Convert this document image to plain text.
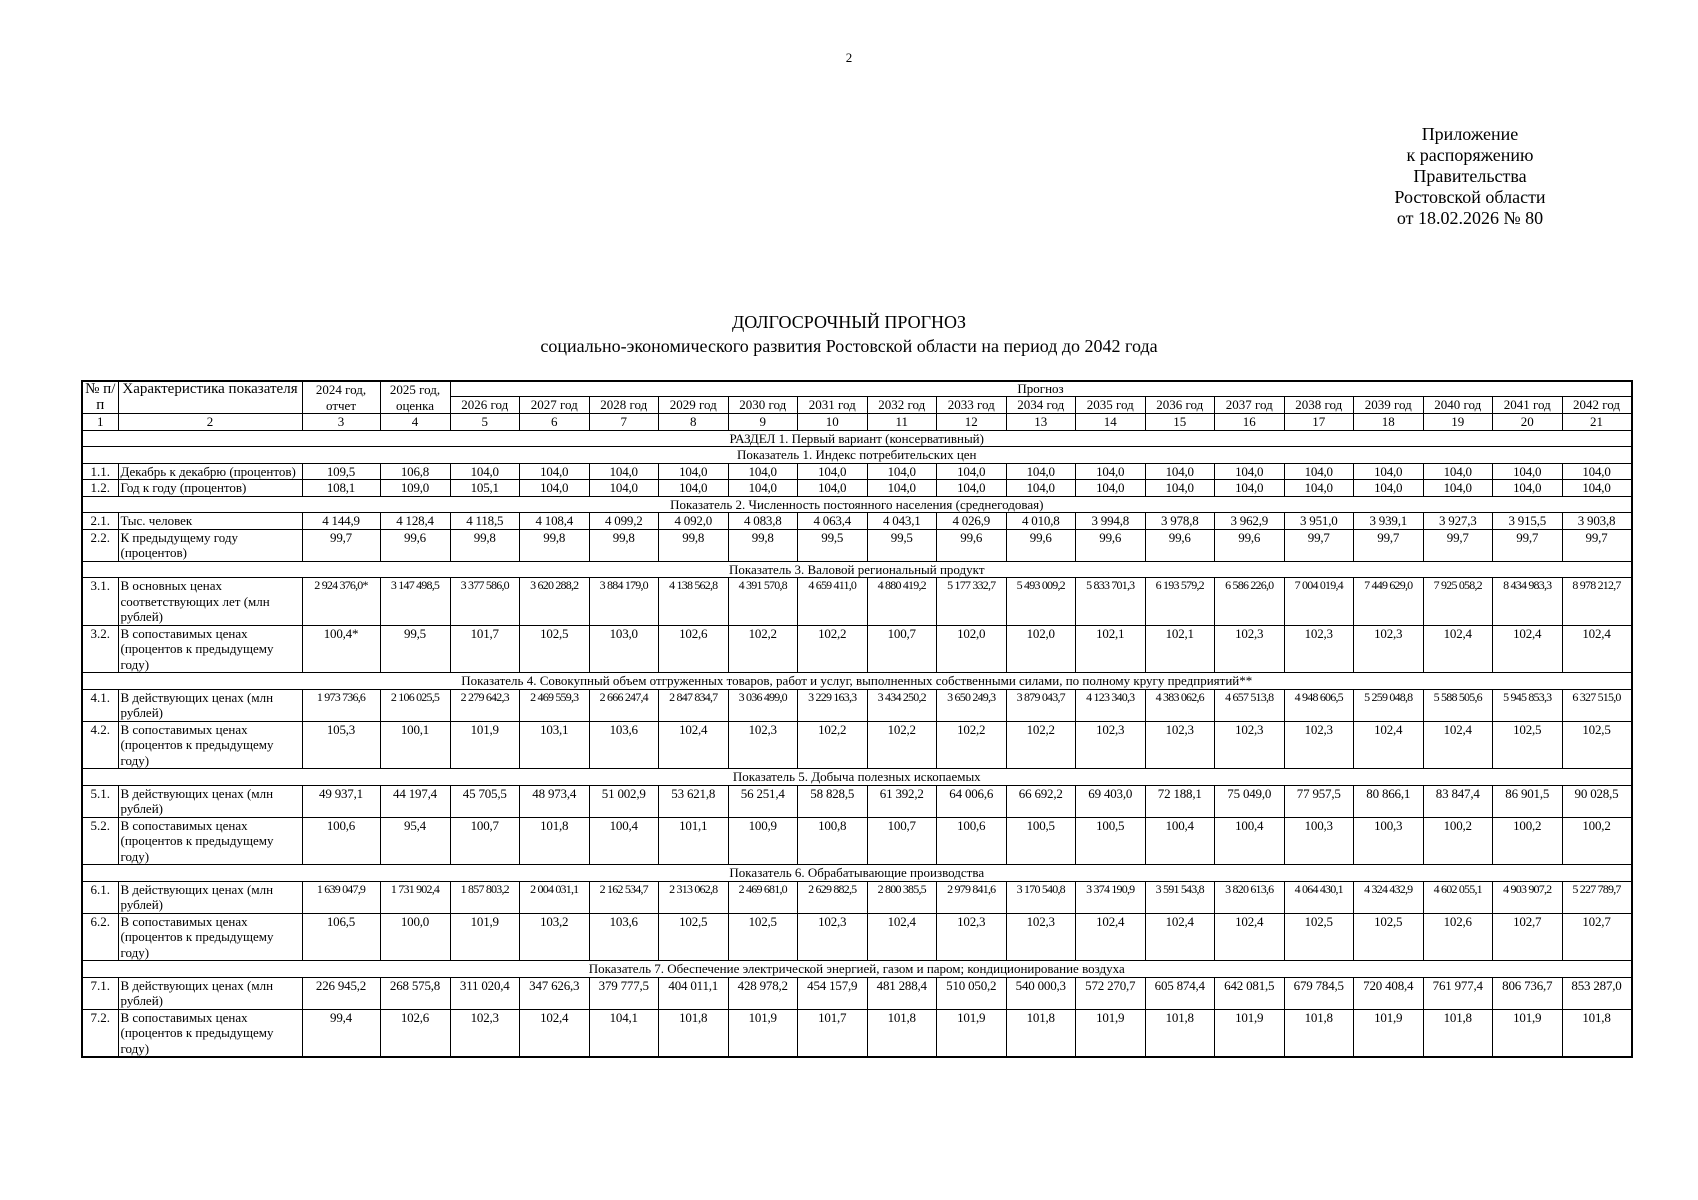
2
Приложение
к распоряжению
Правительства
Ростовской области
от 18.02.2026 № 80
ДОЛГОСРОЧНЫЙ ПРОГНОЗ
социально-экономического развития Ростовской области на период до 2042 года
№ п/п	Характеристика показателя	2024 год, отчет	2025 год, оценка	Прогноз																
				2026 год	2027 год	2028 год	2029 год	2030 год	2031 год	2032 год	2033 год	2034 год	2035 год	2036 год	2037 год	2038 год	2039 год	2040 год	2041 год	2042 год
1	2	3	4	5	6	7	8	9	10	11	12	13	14	15	16	17	18	19	20	21
РАЗДЕЛ 1. Первый вариант (консервативный)																				
Показатель 1. Индекс потребительских цен																				
1.1.	Декабрь к декабрю (процентов)	109,5	106,8	104,0	104,0	104,0	104,0	104,0	104,0	104,0	104,0	104,0	104,0	104,0	104,0	104,0	104,0	104,0	104,0	104,0
1.2.	Год к году (процентов)	108,1	109,0	105,1	104,0	104,0	104,0	104,0	104,0	104,0	104,0	104,0	104,0	104,0	104,0	104,0	104,0	104,0	104,0	104,0
Показатель 2. Численность постоянного населения (среднегодовая)																				
2.1.	Тыс. человек	4 144,9	4 128,4	4 118,5	4 108,4	4 099,2	4 092,0	4 083,8	4 063,4	4 043,1	4 026,9	4 010,8	3 994,8	3 978,8	3 962,9	3 951,0	3 939,1	3 927,3	3 915,5	3 903,8
2.2.	К предыдущему году (процентов)	99,7	99,6	99,8	99,8	99,8	99,8	99,8	99,5	99,5	99,6	99,6	99,6	99,6	99,6	99,7	99,7	99,7	99,7	99,7
Показатель 3. Валовой региональный продукт																				
3.1.	В основных ценах соответствующих лет (млн рублей)	2 924 376,0*	3 147 498,5	3 377 586,0	3 620 288,2	3 884 179,0	4 138 562,8	4 391 570,8	4 659 411,0	4 880 419,2	5 177 332,7	5 493 009,2	5 833 701,3	6 193 579,2	6 586 226,0	7 004 019,4	7 449 629,0	7 925 058,2	8 434 983,3	8 978 212,7
3.2.	В сопоставимых ценах (процентов к предыдущему году)	100,4*	99,5	101,7	102,5	103,0	102,6	102,2	102,2	100,7	102,0	102,0	102,1	102,1	102,3	102,3	102,3	102,4	102,4	102,4
Показатель 4. Совокупный объем отгруженных товаров, работ и услуг, выполненных собственными силами, по полному кругу предприятий**																				
4.1.	В действующих ценах (млн рублей)	1 973 736,6	2 106 025,5	2 279 642,3	2 469 559,3	2 666 247,4	2 847 834,7	3 036 499,0	3 229 163,3	3 434 250,2	3 650 249,3	3 879 043,7	4 123 340,3	4 383 062,6	4 657 513,8	4 948 606,5	5 259 048,8	5 588 505,6	5 945 853,3	6 327 515,0
4.2.	В сопоставимых ценах (процентов к предыдущему году)	105,3	100,1	101,9	103,1	103,6	102,4	102,3	102,2	102,2	102,2	102,2	102,3	102,3	102,3	102,3	102,4	102,4	102,5	102,5
Показатель 5. Добыча полезных ископаемых																				
5.1.	В действующих ценах (млн рублей)	49 937,1	44 197,4	45 705,5	48 973,4	51 002,9	53 621,8	56 251,4	58 828,5	61 392,2	64 006,6	66 692,2	69 403,0	72 188,1	75 049,0	77 957,5	80 866,1	83 847,4	86 901,5	90 028,5
5.2.	В сопоставимых ценах (процентов к предыдущему году)	100,6	95,4	100,7	101,8	100,4	101,1	100,9	100,8	100,7	100,6	100,5	100,5	100,4	100,4	100,3	100,3	100,2	100,2	100,2
Показатель 6. Обрабатывающие производства																				
6.1.	В действующих ценах (млн рублей)	1 639 047,9	1 731 902,4	1 857 803,2	2 004 031,1	2 162 534,7	2 313 062,8	2 469 681,0	2 629 882,5	2 800 385,5	2 979 841,6	3 170 540,8	3 374 190,9	3 591 543,8	3 820 613,6	4 064 430,1	4 324 432,9	4 602 055,1	4 903 907,2	5 227 789,7
6.2.	В сопоставимых ценах (процентов к предыдущему году)	106,5	100,0	101,9	103,2	103,6	102,5	102,5	102,3	102,4	102,3	102,3	102,4	102,4	102,4	102,5	102,5	102,6	102,7	102,7
Показатель 7. Обеспечение электрической энергией, газом и паром; кондиционирование воздуха																				
7.1.	В действующих ценах (млн рублей)	226 945,2	268 575,8	311 020,4	347 626,3	379 777,5	404 011,1	428 978,2	454 157,9	481 288,4	510 050,2	540 000,3	572 270,7	605 874,4	642 081,5	679 784,5	720 408,4	761 977,4	806 736,7	853 287,0
7.2.	В сопоставимых ценах (процентов к предыдущему году)	99,4	102,6	102,3	102,4	104,1	101,8	101,9	101,7	101,8	101,9	101,8	101,9	101,8	101,9	101,8	101,9	101,8	101,9	101,8
